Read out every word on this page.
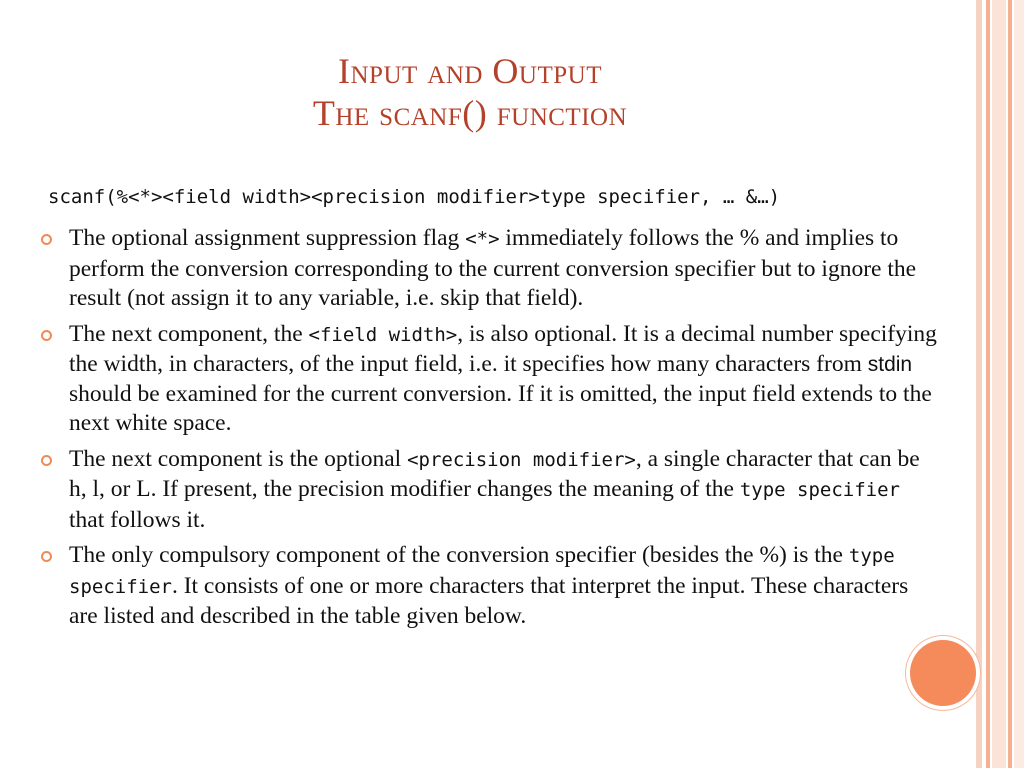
Input and Output
The scanf() function
scanf(%<*><field width><precision modifier>type specifier, … &…)
The optional assignment suppression flag <*> immediately follows the % and implies to perform the conversion corresponding to the current conversion specifier but to ignore the result (not assign it to any variable, i.e. skip that field).
The next component, the <field width>, is also optional. It is a decimal number specifying the width, in characters, of the input field, i.e. it specifies how many characters from stdin should be examined for the current conversion. If it is omitted, the input field extends to the next white space.
The next component is the optional <precision modifier>, a single character that can be h, l, or L. If present, the precision modifier changes the meaning of the type specifier that follows it.
The only compulsory component of the conversion specifier (besides the %) is the type specifier. It consists of one or more characters that interpret the input. These characters are listed and described in the table given below.
